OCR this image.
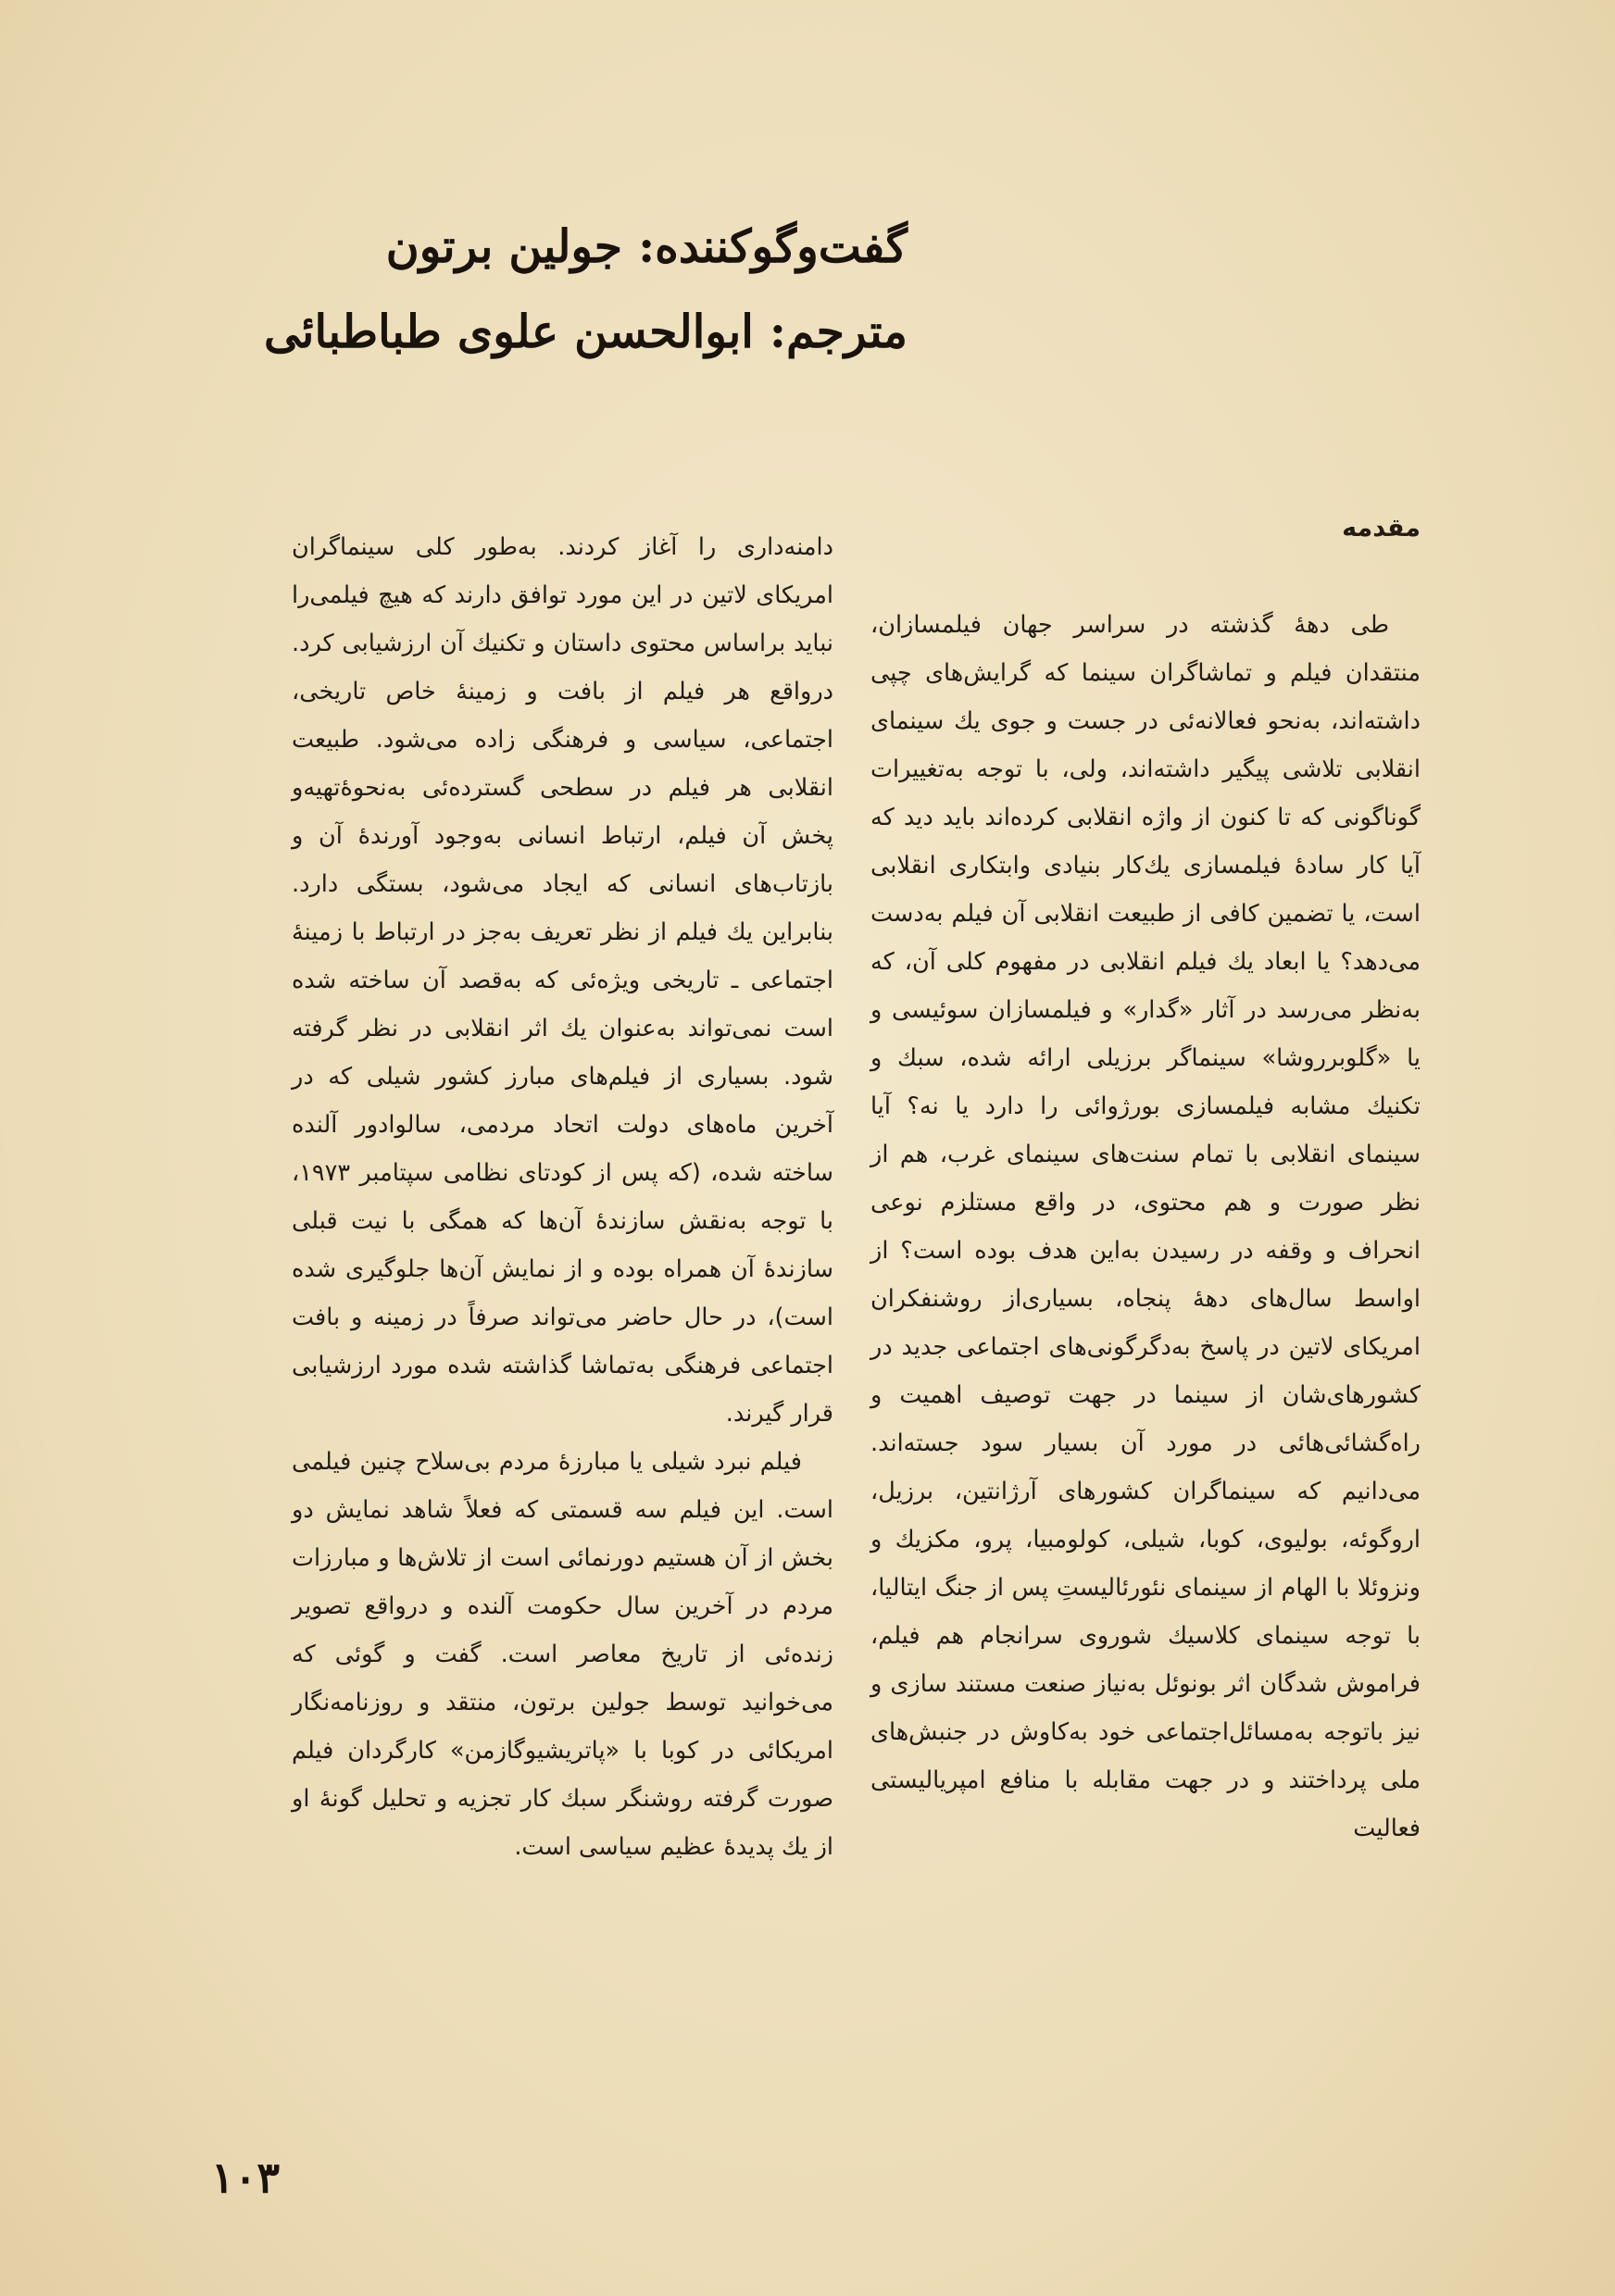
گفت‌وگوکننده: جولین برتون
مترجم: ابوالحسن علوی طباطبائی
مقدمه

طی دههٔ گذشته در سراسر جهان فیلمسازان، منتقدان فیلم و تماشاگران سینما که گرایش‌های چپی داشته‌اند، به‌نحو فعالانه‌ئی در جست و جوی یك سینمای انقلابی تلاشی پیگیر داشته‌اند، ولی، با توجه به‌تغییرات گوناگونی که تا کنون از واژه انقلابی کرده‌اند باید دید که آیا کار سادهٔ فیلمسازی یك‌کار بنیادی وابتکاری انقلابی است، یا تضمین کافی از طبیعت انقلابی آن فیلم به‌دست می‌دهد؟ یا ابعاد یك فیلم انقلابی در مفهوم کلی آن، که به‌نظر می‌رسد در آثار «گدار» و فیلمسازان سوئیسی و یا «گلوبرروشا» سینماگر برزیلی ارائه شده، سبك و تکنیك مشابه فیلمسازی بورژوائی را دارد یا نه؟ آیا سینمای انقلابی با تمام سنت‌های سینمای غرب، هم از نظر صورت و هم محتوی، در واقع مستلزم نوعی انحراف و وقفه در رسیدن به‌این هدف بوده است؟ از اواسط سال‌های دههٔ پنجاه، بسیاری‌از روشنفکران امریکای لاتین در پاسخ به‌دگرگونی‌های اجتماعی جدید در کشورهای‌شان از سینما در جهت توصیف اهمیت و راه‌گشائی‌هائی در مورد آن بسیار سود جسته‌اند. می‌دانیم که سینماگران کشورهای آرژانتین، برزیل، اروگوئه، بولیوی، کوبا، شیلی، کولومبیا، پرو، مکزیك و ونزوئلا با الهام از سینمای نئورئالیستِ پس از جنگ ایتالیا، با توجه سینمای کلاسیك شوروی سرانجام هم فیلم، فراموش شدگان اثر بونوئل به‌نیاز صنعت مستند سازی و نیز باتوجه به‌مسائل‌اجتماعی خود به‌کاوش در جنبش‌های ملی پرداختند و در جهت مقابله با منافع امپریالیستی فعالیت

دامنه‌داری را آغاز کردند. به‌طور کلی سینماگران امریکای لاتین در این مورد توافق دارند که هیچ فیلمی‌را نباید براساس محتوی داستان و تکنیك آن ارزشیابی کرد. درواقع هر فیلم از بافت و زمینهٔ خاص تاریخی، اجتماعی، سیاسی و فرهنگی زاده می‌شود. طبیعت انقلابی هر فیلم در سطحی گسترده‌ئی به‌نحوهٔ‌تهیه‌و پخش آن فیلم، ارتباط انسانی به‌وجود آورندهٔ آن و بازتاب‌های انسانی که ایجاد می‌شود، بستگی دارد. بنابراین یك فیلم از نظر تعریف به‌جز در ارتباط با زمینهٔ اجتماعی ـ تاریخی ویژه‌ئی که به‌قصد آن ساخته شده است نمی‌تواند به‌عنوان یك اثر انقلابی در نظر گرفته شود. بسیاری از فیلم‌های مبارز کشور شیلی که در آخرین ماه‌های دولت اتحاد مردمی، سالوادور آلنده ساخته شده، (که پس از کودتای نظامی سپتامبر ۱۹۷۳، با توجه به‌نقش سازندهٔ آن‌ها که همگی با نیت قبلی سازندهٔ آن همراه بوده و از نمایش آن‌ها جلوگیری شده است)، در حال حاضر می‌تواند صرفاً در زمینه و بافت اجتماعی فرهنگی به‌تماشا گذاشته شده مورد ارزشیابی قرار گیرند.

فیلم نبرد شیلی یا مبارزهٔ مردم بی‌سلاح چنین فیلمی است. این فیلم سه قسمتی که فعلاً شاهد نمایش دو بخش از آن هستیم دورنمائی است از تلاش‌ها و مبارزات مردم در آخرین سال حکومت آلنده و درواقع تصویر زنده‌ئی از تاریخ معاصر است. گفت و گوئی که می‌خوانید توسط جولین برتون، منتقد و روزنامه‌نگار امریکائی در کوبا با «پاتریشیوگازمن» کارگردان فیلم صورت گرفته روشنگر سبك کار تجزیه و تحلیل گونهٔ او از یك پدیدهٔ عظیم سیاسی است.

۱۰۳
